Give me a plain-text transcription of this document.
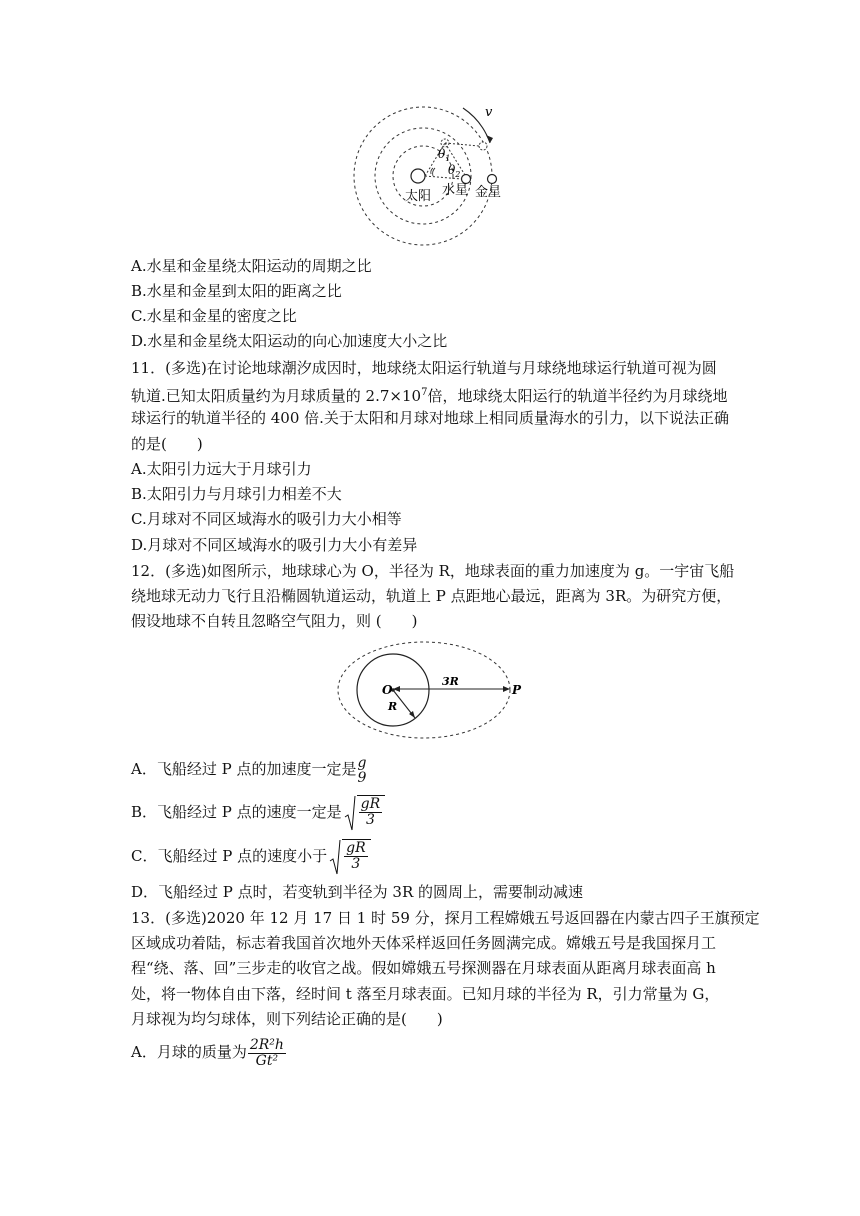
$\theta_1$
$\theta_2$
v
太阳 水星 金星
A.水星和金星绕太阳运动的周期之比
B.水星和金星到太阳的距离之比
C.水星和金星的密度之比
D.水星和金星绕太阳运动的向心加速度大小之比
11．(多选)在讨论地球潮汐成因时，地球绕太阳运行轨道与月球绕地球运行轨道可视为圆
轨道.已知太阳质量约为月球质量的 $2.7\times 10^7$倍，地球绕太阳运行的轨道半径约为月球绕地
球运行的轨道半径的 400 倍.关于太阳和月球对地球上相同质量海水的引力，以下说法正确
的是(　　)
A.太阳引力远大于月球引力
B.太阳引力与月球引力相差不大
C.月球对不同区域海水的吸引力大小相等
D.月球对不同区域海水的吸引力大小有差异
12．(多选)如图所示，地球球心为 O，半径为 R，地球表面的重力加速度为 g。一宇宙飞船
绕地球无动力飞行且沿椭圆轨道运动，轨道上 P 点距地心最远，距离为 3R。为研究方便，
假设地球不自转且忽略空气阻力，则 (　　)
O
R
3R
P
A．飞船经过 P 点的加速度一定是 g
9
B．飞船经过 P 点的速度一定是 $\frac{gR}{3}$
C．飞船经过 P 点的速度小于 $\frac{gR}{3}$
D．飞船经过 P 点时，若变轨到半径为 3R 的圆周上，需要制动减速
13．(多选)2020 年 12 月 17 日 1 时 59 分，探月工程嫦娥五号返回器在内蒙古四子王旗预定
区域成功着陆，标志着我国首次地外天体采样返回任务圆满完成。嫦娥五号是我国探月工
程“绕、落、回”三步走的收官之战。假如嫦娥五号探测器在月球表面从距离月球表面高 h
处，将一物体自由下落，经时间 t 落至月球表面。已知月球的半径为 R，引力常量为 G，
月球视为均匀球体，则下列结论正确的是(　　)
A．月球的质量为 $\frac{\text{2R²h}}{\text{Gt²}}$
